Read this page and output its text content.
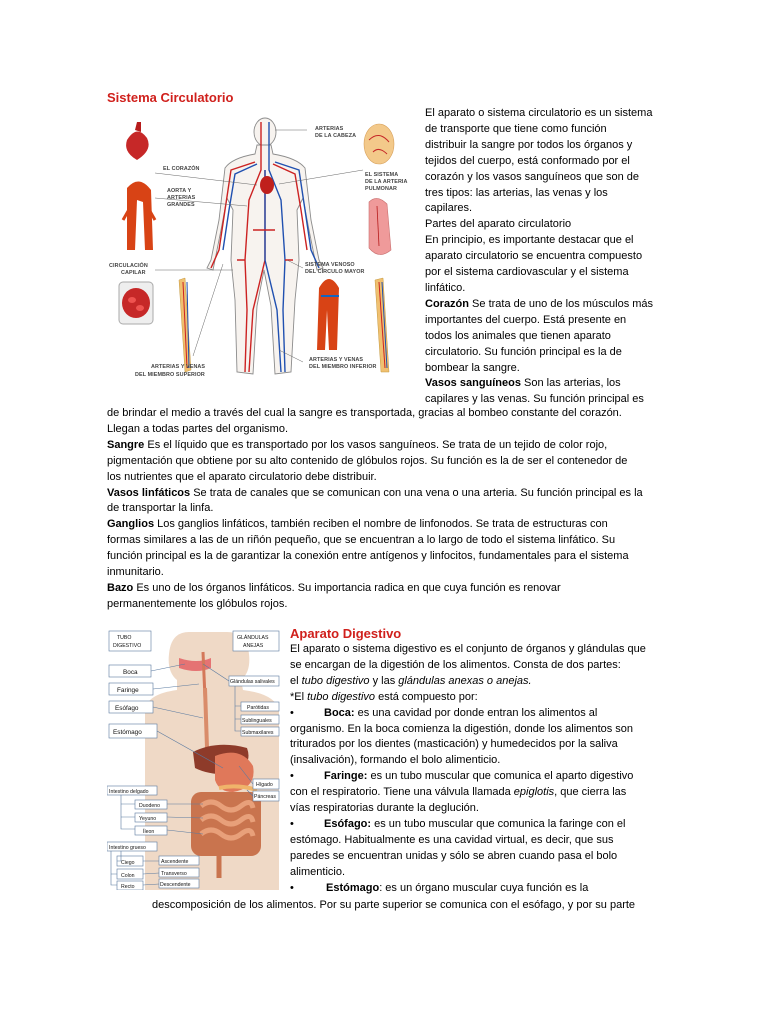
Sistema Circulatorio
ARTERIAS
DE LA CABEZA
EL CORAZÓN
AORTA Y
ARTERIAS
GRANDES
EL SISTEMA
DE LA ARTERIA
PULMONAR
CIRCULACIÓN
CAPILAR
SISTEMA VENOSO
DEL CÍRCULO MAYOR
ARTERIAS Y VENAS
DEL MIEMBRO SUPERIOR
ARTERIAS Y VENAS
DEL MIEMBRO INFERIOR

El aparato o sistema circulatorio es un sistema

de transporte que tiene como función

distribuir la sangre por todos los órganos y

tejidos del cuerpo, está conformado por el

corazón y los vasos sanguíneos que son de

tres tipos: las arterias, las venas y los

capilares.

Partes del aparato circulatorio

En principio, es importante destacar que el

aparato circulatorio se encuentra compuesto

por el sistema cardiovascular y el sistema

linfático.

Corazón Se trata de uno de los músculos más

importantes del cuerpo. Está presente en

todos los animales que tienen aparato

circulatorio. Su función principal es la de

bombear la sangre.

Vasos sanguíneos Son las arterias, los

capilares y las venas. Su función principal es

de brindar el medio a través del cual la sangre es transportada, gracias al bombeo constante del corazón.

Llegan a todas partes del organismo.

Sangre Es el líquido que es transportado por los vasos sanguíneos. Se trata de un tejido de color rojo,

pigmentación que obtiene por su alto contenido de glóbulos rojos. Su función es la de ser el contenedor de

los nutrientes que el aparato circulatorio debe distribuir.

Vasos linfáticos Se trata de canales que se comunican con una vena o una arteria. Su función principal es la

de transportar la linfa.

Ganglios Los ganglios linfáticos, también reciben el nombre de linfonodos. Se trata de estructuras con

formas similares a las de un riñón pequeño, que se encuentran a lo largo de todo el sistema linfático. Su

función principal es la de garantizar la conexión entre antígenos y linfocitos, fundamentales para el sistema

inmunitario.

Bazo Es uno de los órganos linfáticos. Su importancia radica en que cuya función es renovar

permanentemente los glóbulos rojos.

TUBO
DIGESTIVO
Boca
Faringe
Esófago
Estómago
Intestino delgado
Duodeno
Yeyuno
Íleon
Intestino grueso
Ciego
Colon
Recto
Ascendente
Transverso
Descendente
GLÁNDULAS
ANEJAS
Glándulas salivales
Parótidas
Sublinguales
Submaxilares
Hígado
Páncreas
Aparato Digestivo

El aparato o sistema digestivo es el conjunto de órganos y glándulas que

se encargan de la digestión de los alimentos. Consta de dos partes:

el tubo digestivo y las glándulas anexas o anejas.

*El tubo digestivo está compuesto por:

•	Boca: es una cavidad por donde entran los alimentos al

organismo. En la boca comienza la digestión, donde los alimentos son

triturados por los dientes (masticación) y humedecidos por la saliva

(insalivación), formando el bolo alimenticio.

•	Faringe: es un tubo muscular que comunica el aparto digestivo

con el respiratorio. Tiene una válvula llamada epiglotis, que cierra las

vías respiratorias durante la deglución.

•	Esófago: es un tubo muscular que comunica la faringe con el

estómago. Habitualmente es una cavidad virtual, es decir, que sus

paredes se encuentran unidas y sólo se abren cuando pasa el bolo

alimenticio.

•	Estómago: es un órgano muscular cuya función es la

descomposición de los alimentos. Por su parte superior se comunica con el esófago, y por su parte
